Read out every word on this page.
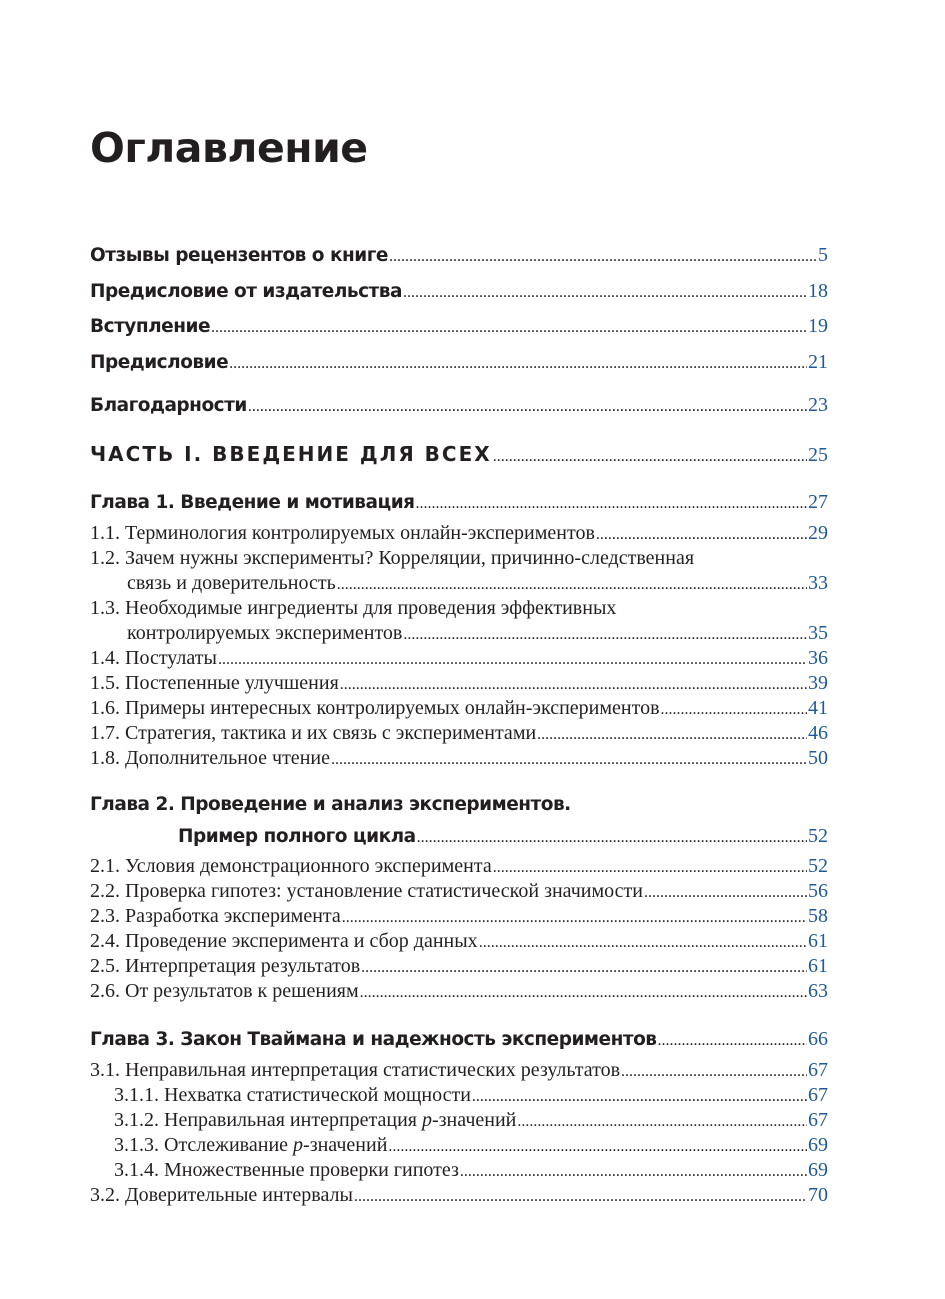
Оглавление
Отзывы рецензентов о книге .....	5
Предисловие от издательства .....	18
Вступление .....	19
Предисловие .....	21
Благодарности .....	23
ЧАСТЬ I. ВВЕДЕНИЕ ДЛЯ ВСЕХ .....	25
Глава 1. Введение и мотивация .....	27
1.1. Терминология контролируемых онлайн-экспериментов .....	29
1.2. Зачем нужны эксперименты? Корреляции, причинно-следственная
связь и доверительность .....	33
1.3. Необходимые ингредиенты для проведения эффективных
контролируемых экспериментов .....	35
1.4. Постулаты .....	36
1.5. Постепенные улучшения .....	39
1.6. Примеры интересных контролируемых онлайн-экспериментов .....	41
1.7. Стратегия, тактика и их связь с экспериментами .....	46
1.8. Дополнительное чтение .....	50
Глава 2. Проведение и анализ экспериментов.
Пример полного цикла .....	52
2.1. Условия демонстрационного эксперимента .....	52
2.2. Проверка гипотез: установление статистической значимости .....	56
2.3. Разработка эксперимента .....	58
2.4. Проведение эксперимента и сбор данных .....	61
2.5. Интерпретация результатов .....	61
2.6. От результатов к решениям .....	63
Глава 3. Закон Тваймана и надежность экспериментов .....	66
3.1. Неправильная интерпретация статистических результатов .....	67
3.1.1. Нехватка статистической мощности .....	67
3.1.2. Неправильная интерпретация p-значений .....	67
3.1.3. Отслеживание p-значений .....	69
3.1.4. Множественные проверки гипотез .....	69
3.2. Доверительные интервалы .....	70
